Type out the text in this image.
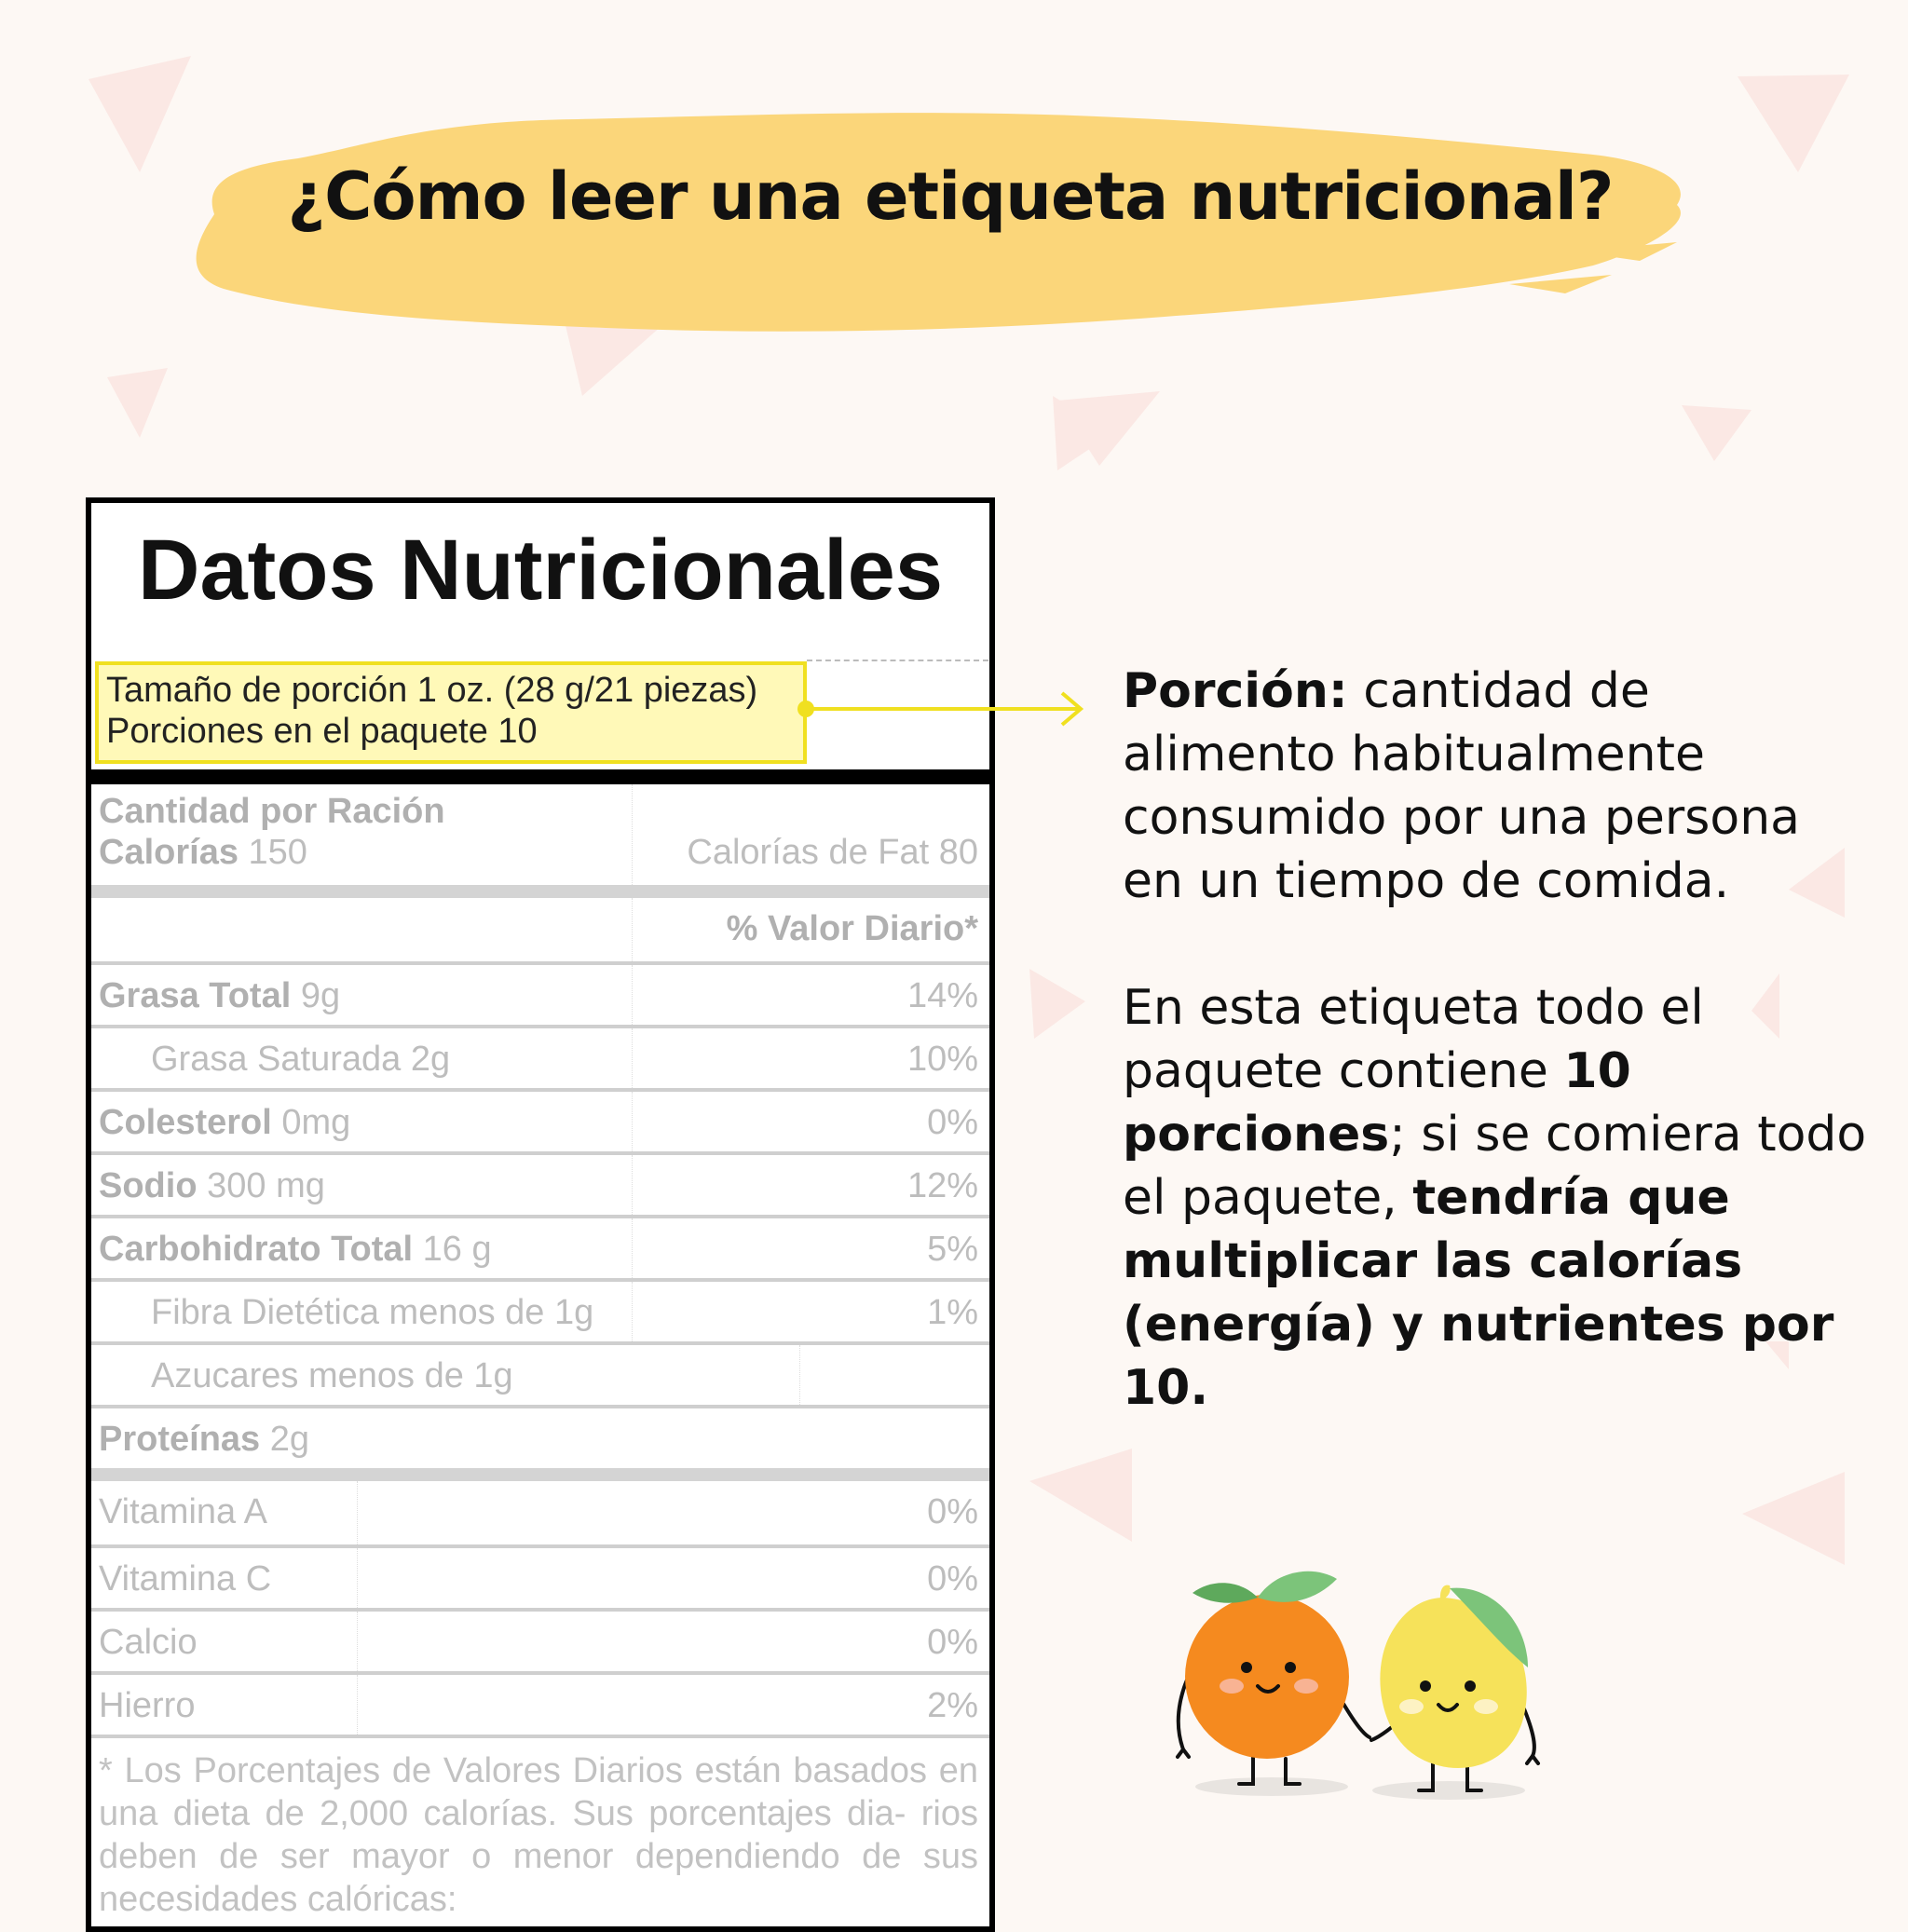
¿Cómo leer una etiqueta nutricional?
Datos Nutricionales
Tamaño de porción 1 oz. (28 g/21 piezas)
Porciones en el paquete 10
Cantidad por Ración
Calorías 150	Calorías de Fat 80
% Valor Diario*
Grasa Total 9g	14%
Grasa Saturada 2g	10%
Colesterol 0mg	0%
Sodio 300 mg	12%
Carbohidrato Total 16 g	5%
Fibra Dietética menos de 1g	1%
Azucares menos de 1g
Proteínas 2g
Vitamina A	0%
Vitamina C	0%
Calcio	0%
Hierro	2%
* Los Porcentajes de Valores Diarios están basados en una dieta de 2,000 calorías. Sus porcentajes dia- rios deben de ser mayor o menor dependiendo de sus necesidades calóricas:

Porción: cantidad de alimento habitualmente consumido por una persona en un tiempo de comida.

En esta etiqueta todo el paquete contiene 10 porciones; si se comiera todo el paquete, tendría que multiplicar las calorías (energía) y nutrientes por 10.
